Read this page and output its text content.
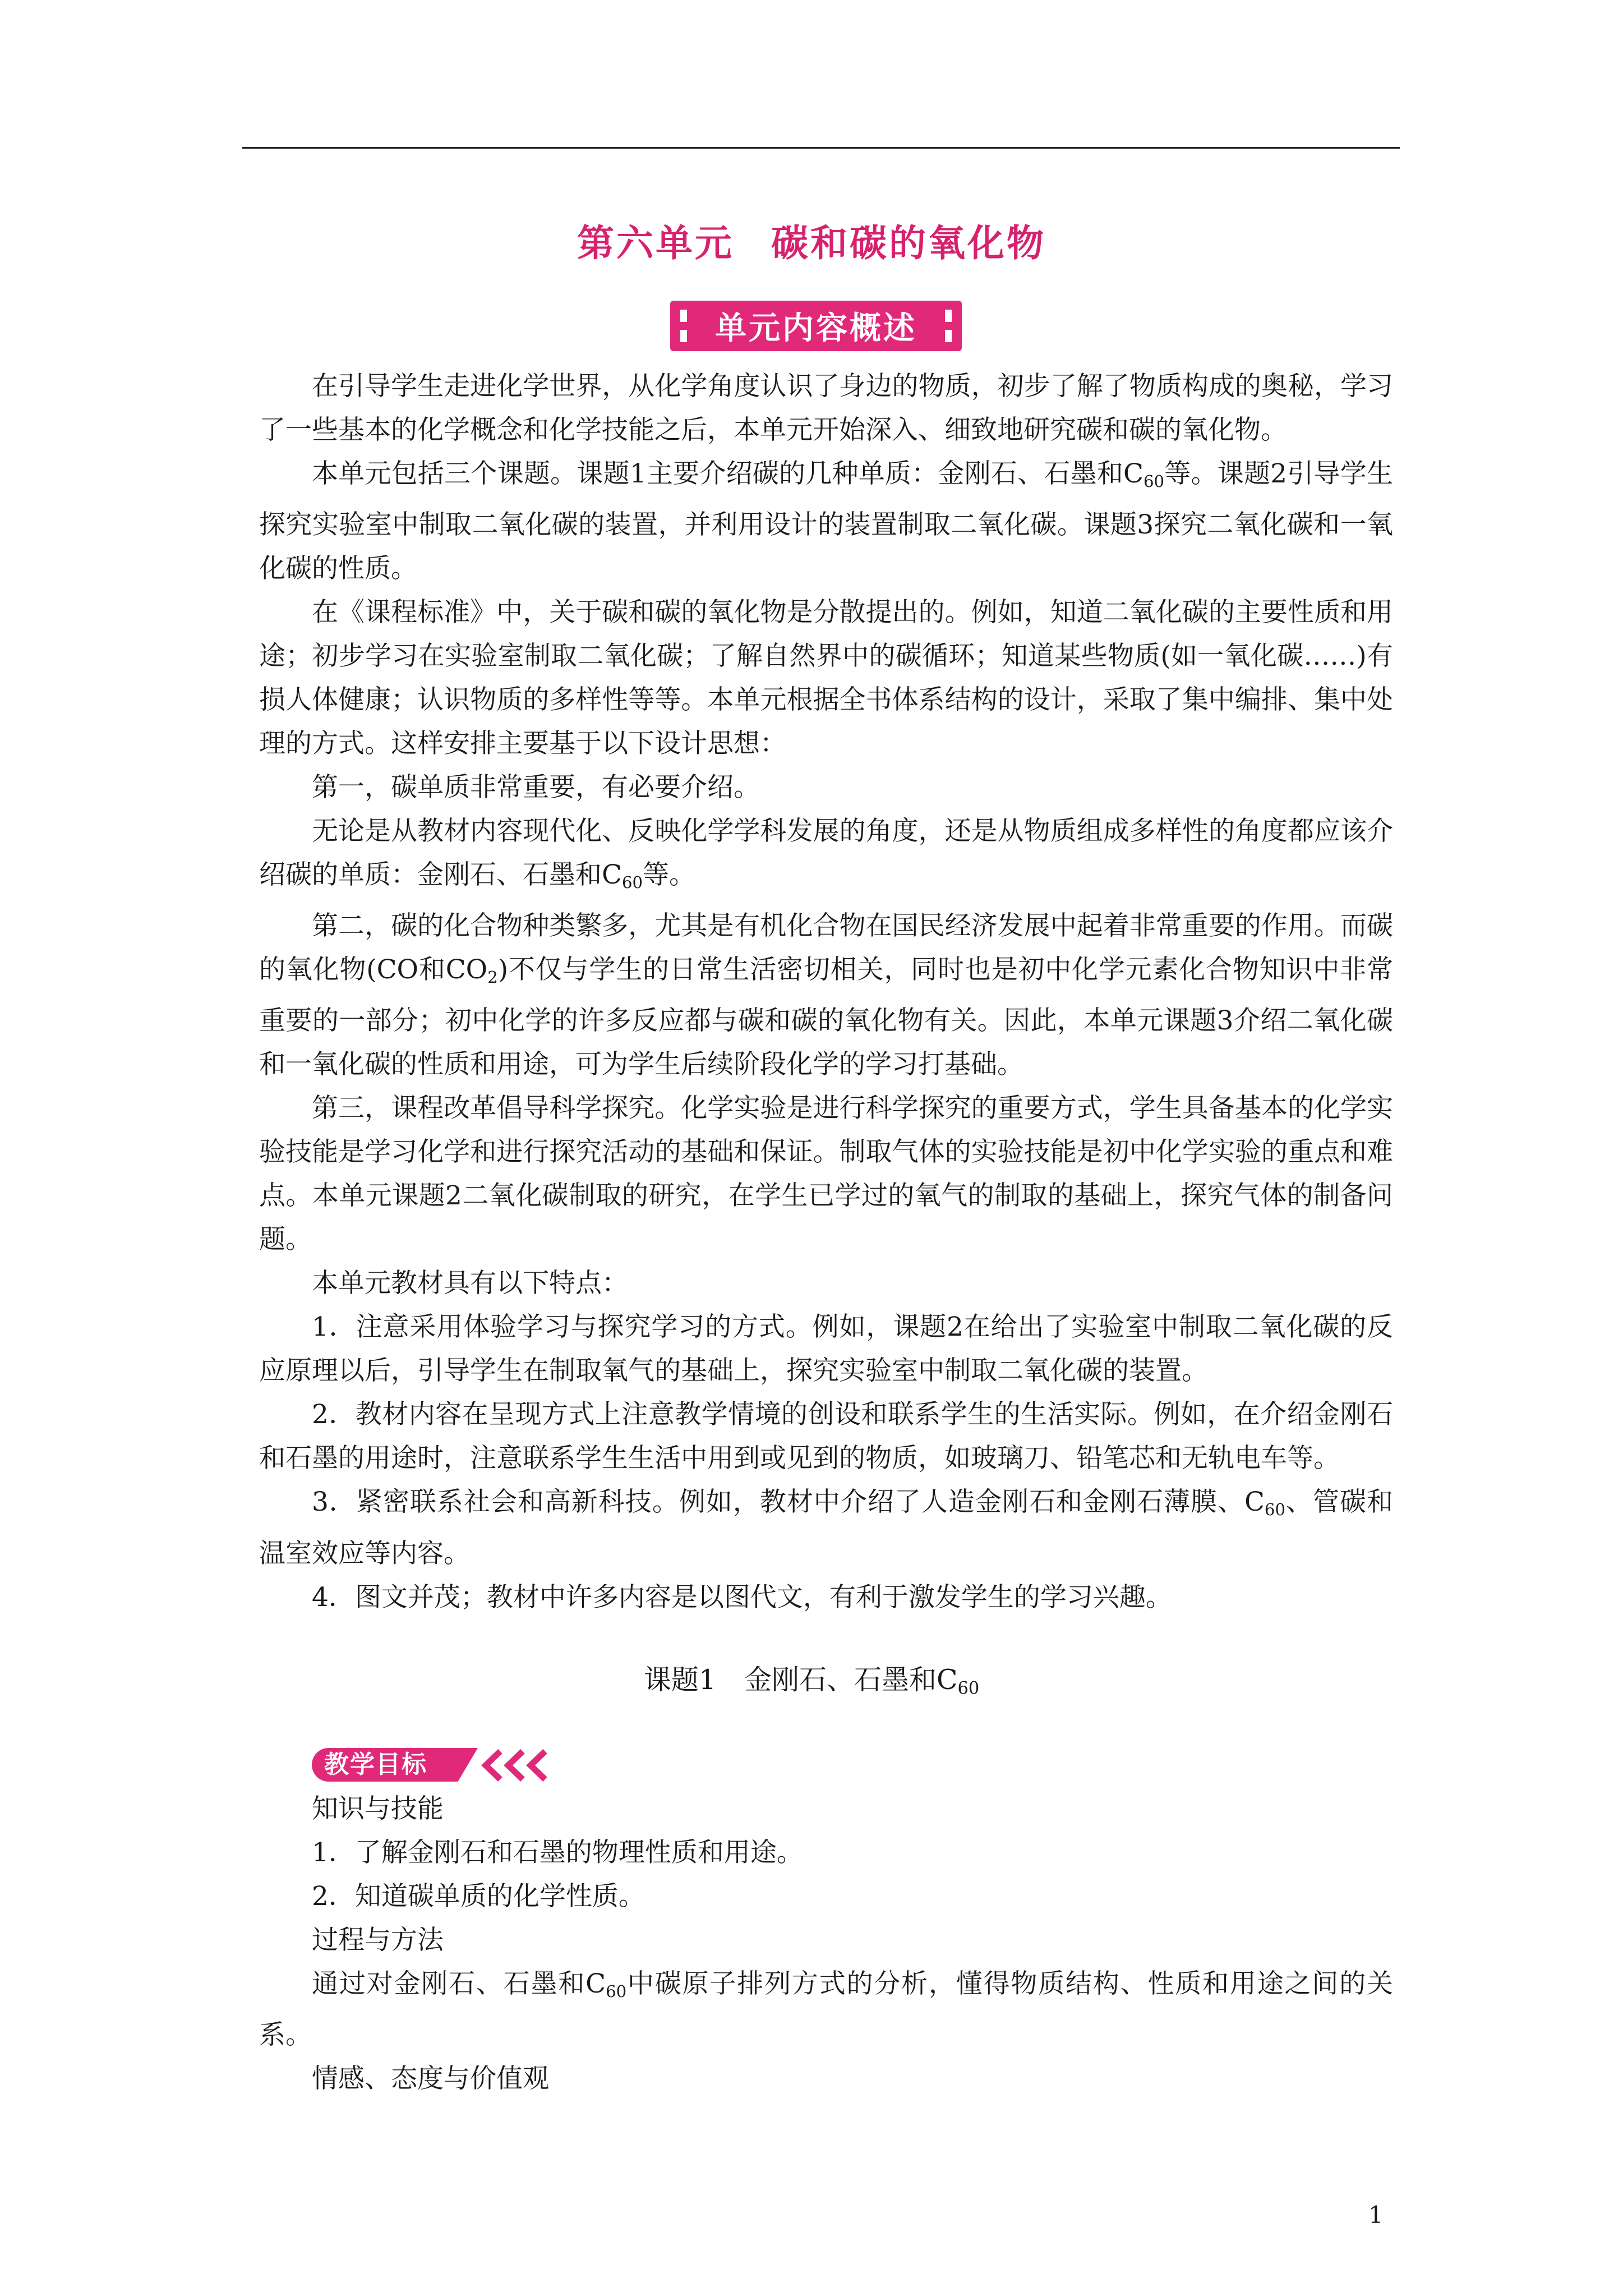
第六单元 碳和碳的氧化物
单元内容概述

在引导学生走进化学世界，从化学角度认识了身边的物质，初步了解了物质构成的奥秘，学习了一些基本的化学概念和化学技能之后，本单元开始深入、细致地研究碳和碳的氧化物。

本单元包括三个课题。课题1主要介绍碳的几种单质：金刚石、石墨和$C_{60}$等。课题2引导学生探究实验室中制取二氧化碳的装置，并利用设计的装置制取二氧化碳。课题3探究二氧化碳和一氧化碳的性质。

在《课程标准》中，关于碳和碳的氧化物是分散提出的。例如，知道二氧化碳的主要性质和用途；初步学习在实验室制取二氧化碳；了解自然界中的碳循环；知道某些物质(如一氧化碳……)有损人体健康；认识物质的多样性等等。本单元根据全书体系结构的设计，采取了集中编排、集中处理的方式。这样安排主要基于以下设计思想：

第一，碳单质非常重要，有必要介绍。

无论是从教材内容现代化、反映化学学科发展的角度，还是从物质组成多样性的角度都应该介绍碳的单质：金刚石、石墨和$C_{60}$等。

第二，碳的化合物种类繁多，尤其是有机化合物在国民经济发展中起着非常重要的作用。而碳的氧化物(CO和$CO_2$)不仅与学生的日常生活密切相关，同时也是初中化学元素化合物知识中非常重要的一部分；初中化学的许多反应都与碳和碳的氧化物有关。因此，本单元课题3介绍二氧化碳和一氧化碳的性质和用途，可为学生后续阶段化学的学习打基础。

第三，课程改革倡导科学探究。化学实验是进行科学探究的重要方式，学生具备基本的化学实验技能是学习化学和进行探究活动的基础和保证。制取气体的实验技能是初中化学实验的重点和难点。本单元课题2二氧化碳制取的研究，在学生已学过的氧气的制取的基础上，探究气体的制备问题。

本单元教材具有以下特点：

1．注意采用体验学习与探究学习的方式。例如，课题2在给出了实验室中制取二氧化碳的反应原理以后，引导学生在制取氧气的基础上，探究实验室中制取二氧化碳的装置。

2．教材内容在呈现方式上注意教学情境的创设和联系学生的生活实际。例如，在介绍金刚石和石墨的用途时，注意联系学生生活中用到或见到的物质，如玻璃刀、铅笔芯和无轨电车等。

3．紧密联系社会和高新科技。例如，教材中介绍了人造金刚石和金刚石薄膜、$C_{60}$、管碳和温室效应等内容。

4．图文并茂；教材中许多内容是以图代文，有利于激发学生的学习兴趣。

课题1 金刚石、石墨和$C_{60}$
教学目标

知识与技能

1．了解金刚石和石墨的物理性质和用途。

2．知道碳单质的化学性质。

过程与方法

通过对金刚石、石墨和$C_{60}$中碳原子排列方式的分析，懂得物质结构、性质和用途之间的关系。

情感、态度与价值观

1
